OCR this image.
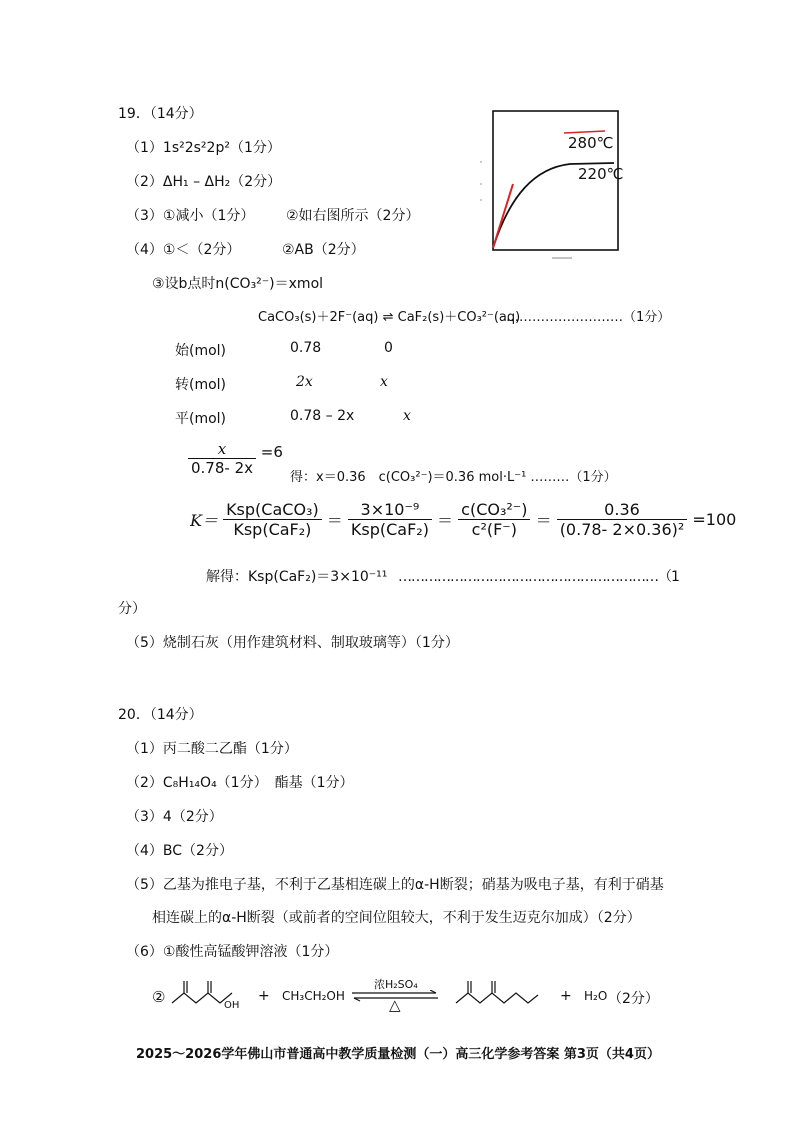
19．（14分）
（1）1s²2s²2p²（1分）
（2）ΔH₁ – ΔH₂（2分）
（3）①减小（1分） ②如右图所示（2分）
（4）①＜（2分）	②AB（2分）
③设b点时n(CO₃²⁻)＝xmol
280℃
220℃
CaCO₃(s)＋2F⁻(aq) ⇌ CaF₂(s)＋CO₃²⁻(aq)
………………………（1分）
始(mol)	0.78	0
转(mol)	2x	x
平(mol)	0.78 – 2x	x
$\frac{x}{0.78- 2x} =6$
得：x＝0.36　c(CO₃²⁻)＝0.36 mol·L⁻¹ ………（1分）
$K= \frac{\text{Ksp(CaCO₃)}}{\text{Ksp(CaF₂)}} = \frac{\text{3×10⁻⁹}}{\text{Ksp(CaF₂)}} = \frac{\text{c(CO₃²⁻)}}{\text{c²(F⁻)}} = \frac{0.36}{\text{(0.78- 2×0.36)²}} =100$
解得：Ksp(CaF₂)＝3×10⁻¹¹ ……………………………………………………（1
分）
（5）烧制石灰（用作建筑材料、制取玻璃等）（1分）
20．（14分）
（1）丙二酸二乙酯（1分）
（2）C₈H₁₄O₄（1分）　酯基（1分）
（3）4（2分）
（4）BC（2分）
（5）乙基为推电子基，不利于乙基相连碳上的α-H断裂；硝基为吸电子基，有利于硝基
相连碳上的α-H断裂（或前者的空间位阻较大，不利于发生迈克尔加成）（2分）
（6）①酸性高锰酸钾溶液（1分）
②	OH
+ CH₃CH₂OH
浓H₂SO₄
△	+ H₂O （2分）
2025～2026学年佛山市普通高中教学质量检测（一）高三化学参考答案 第3页（共4页）
